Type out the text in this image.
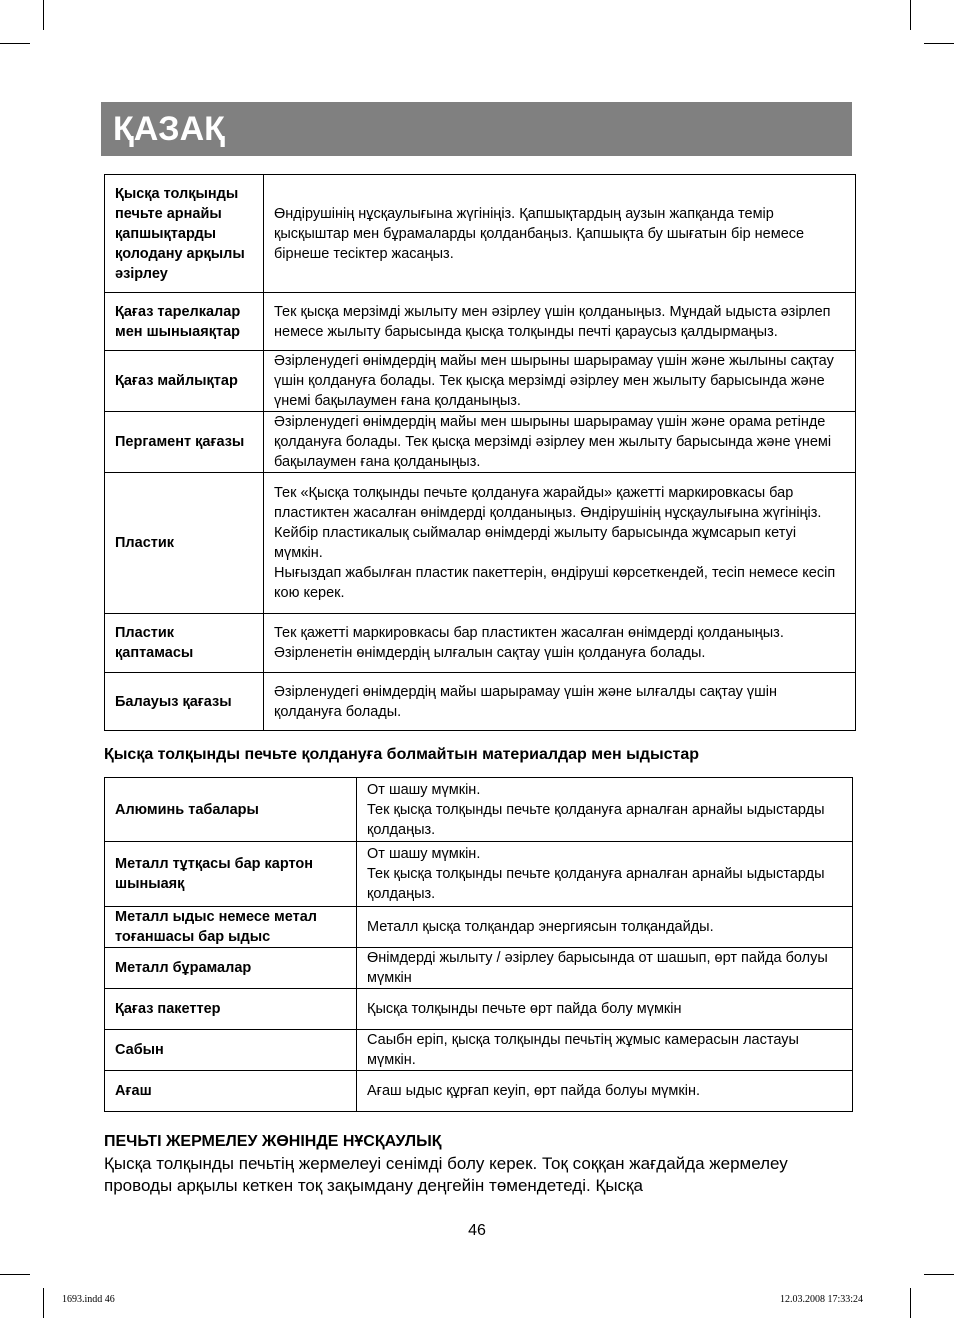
ҚАЗАҚ
Қысқа толқынды печьте арнайы қапшықтарды қолодану арқылы әзірлеу	Өндірушінің нұсқаулығына жүгініңіз. Қапшықтардың аузын жапқанда темір қысқыштар мен бұрамаларды қолданбаңыз. Қапшықта бу шығатын бір немесе бірнеше тесіктер жасаңыз.

Қағаз тарелкалар мен шыныаяқтар	Тек қысқа мерзімді жылыту мен әзірлеу үшін қолданыңыз. Мұндай ыдыста әзірлеп немесе жылыту барысында қысқа толқынды печті қараусыз қалдырмаңыз.

Қағаз майлықтар	Әзірленудегі өнімдердің майы мен шырыны шарырамау үшін және жылыны сақтау үшін қолдануға болады. Тек қысқа мерзімді әзірлеу мен жылыту барысында және үнемі бақылаумен ғана қолданыңыз.

Пергамент қағазы	Әзірленудегі өнімдердің майы мен шырыны шарырамау үшін және орама ретінде қолдануға болады. Тек қысқа мерзімді әзірлеу мен жылыту барысында және үнемі бақылаумен ғана қолданыңыз.

Пластик	Тек «Қысқа толқынды печьте қолдануға жарайды» қажетті маркировкасы бар пластиктен жасалған өнімдерді қолданыңыз. Өндірушінің нұсқаулығына жүгініңіз.
Кейбір пластикалық сыймалар өнімдерді жылыту барысында жұмсарып кетуі мүмкін.
Нығыздап жабылған пластик пакеттерін, өндіруші көрсеткендей, тесіп немесе кесіп кою керек.

Пластик қаптамасы	Тек қажетті маркировкасы бар пластиктен жасалған өнімдерді қолданыңыз. Әзірленетін өнімдердің ылғалын сақтау үшін қолдануға болады.

Балауыз қағазы	Әзірленудегі өнімдердің майы шарырамау үшін және ылғалды сақтау үшін қолдануға болады.
Қысқа толқынды печьте қолдануға болмайтын материалдар мен ыдыстар
Алюминь табалары	От шашу мүмкін.
Тек қысқа толқынды печьте қолдануға арналған арнайы ыдыстарды қолдаңыз.

Металл тұтқасы бар картон шыныаяқ	От шашу мүмкін.
Тек қысқа толқынды печьте қолдануға арналған арнайы ыдыстарды қолдаңыз.

Металл ыдыс немесе метал тоғаншасы бар ыдыс	Металл қысқа толқандар энергиясын толқандайды.

Металл бұрамалар	Өнімдерді жылыту / әзірлеу барысында от шашып, өрт пайда болуы мүмкін

Қағаз пакеттер	Қысқа толқынды печьте өрт пайда болу мүмкін

Сабын	Саыбн еріп, қысқа толқынды печьтің жұмыс камерасын ластауы мүмкін.

Ағаш	Ағаш ыдыс құрғап кеуіп, өрт пайда болуы мүмкін.
ПЕЧЬТІ ЖЕРМЕЛЕУ ЖӨНІНДЕ НҰСҚАУЛЫҚ
Қысқа толқынды печьтің жермелеуі сенімді болу керек. Тоқ соққан жағдайда жермелеу проводы арқылы кеткен тоқ зақымдану деңгейін төмендетеді. Қысқа
46
1693.indd 46	12.03.2008 17:33:24
